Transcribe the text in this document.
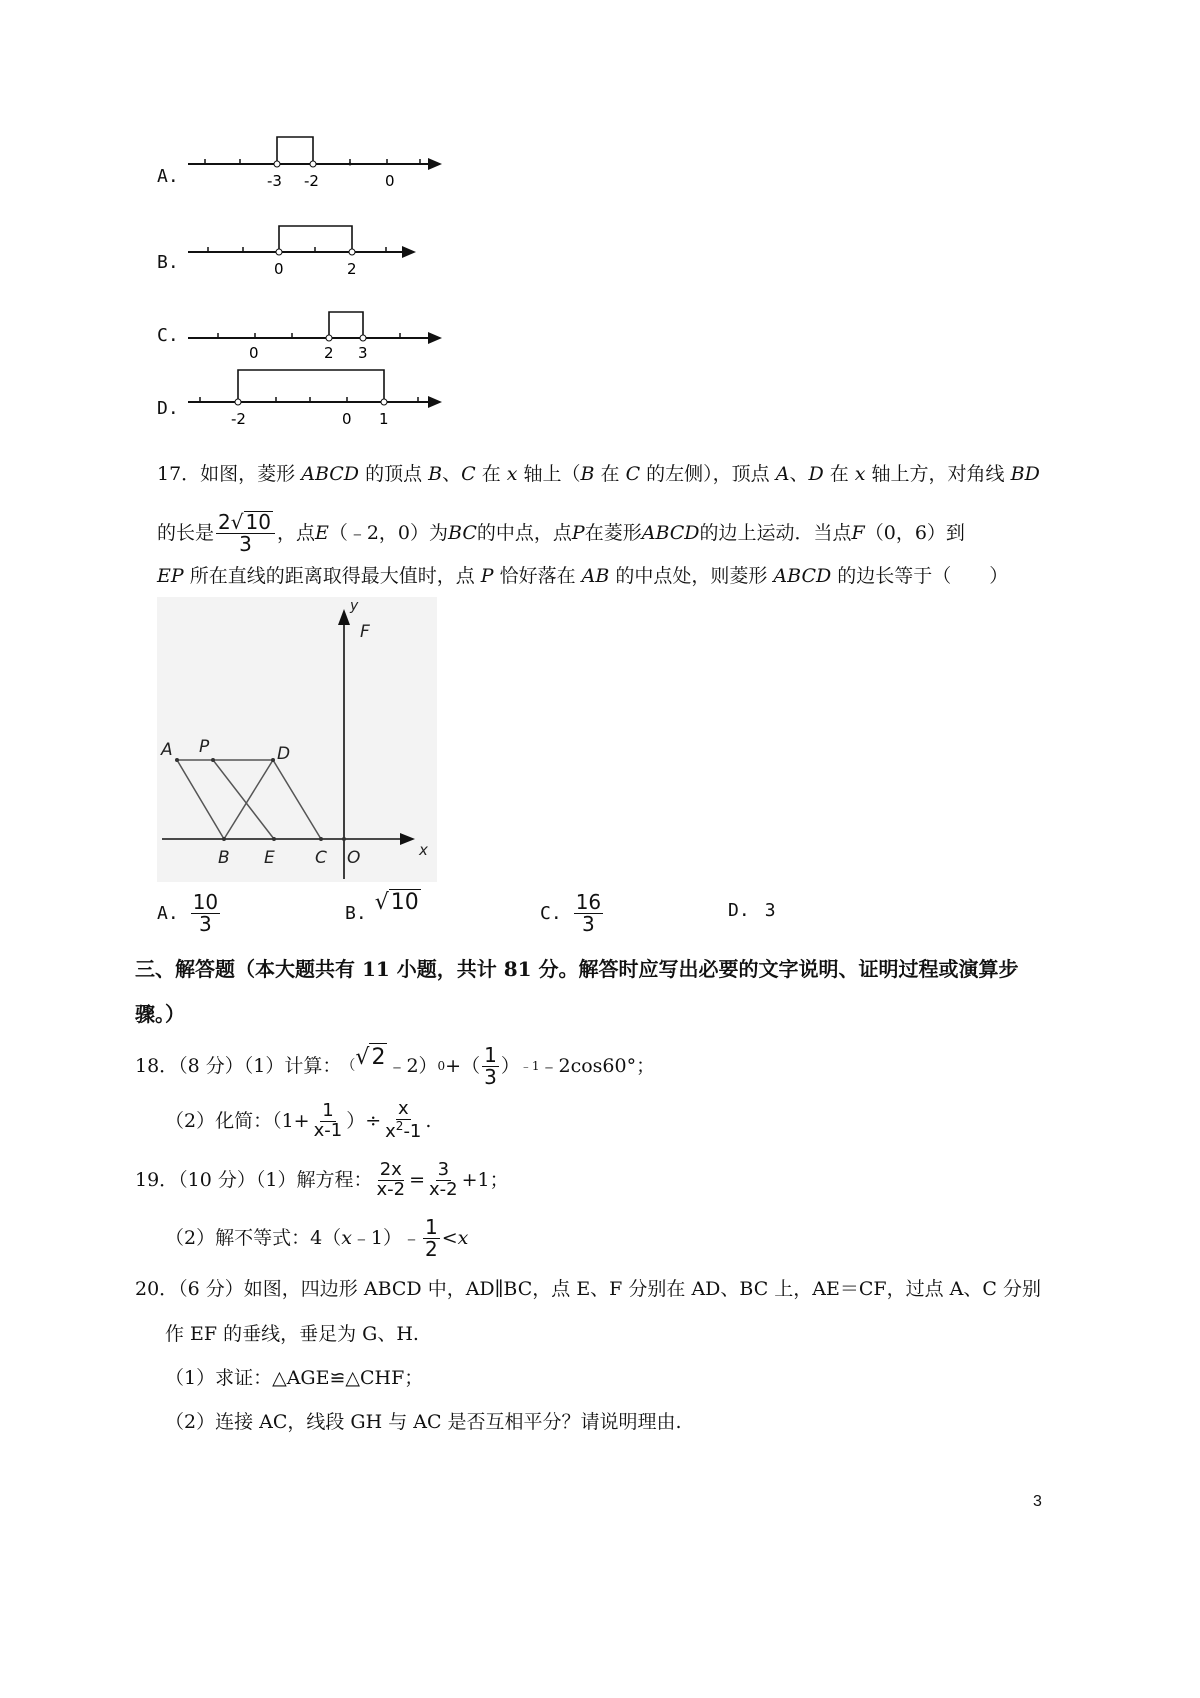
A.	-3 -2	0
B.	0	2
C.
0	2 3
D.	-2	0 1
17．如图，菱形 ABCD 的顶点 B、C 在 x 轴上（B 在 C 的左侧），顶点 A、D 在 x 轴上方，对角线 BD
的长是 $\frac{2√ 10}{3}$ ，点 E （﹣2，0）为 BC 的中点，点 P 在菱形 ABCD 的边上运动．当点 F （0，6）到
EP 所在直线的距离取得最大值时，点 P 恰好落在 AB 的中点处，则菱形 ABCD 的边长等于（　　）
y
F
A P	D
B E C O	x
A. $\frac{10}{3}$	B. √10	C. $\frac{16}{3}$	D. 3
三、解答题（本大题共有 11 小题，共计 81 分。解答时应写出必要的文字说明、证明过程或演算步
骤。）
18．（8 分）（1）计算： （ √2 ﹣2） 0 +（ $\frac{1}{3}$ ） ﹣1 ﹣2cos60°；
（2）化简：（$1+ \frac{1}{x-1}$ ）÷ $\frac{x}{x^2-1}$ .
19．（10 分）（1）解方程： $\frac{2x}{x-2} = \frac{3}{x-2} +1$；
（2）解不等式：4（ x ﹣1）﹣ $\frac{1}{2} < x$
20．（6 分）如图，四边形 ABCD 中，AD∥BC，点 E、F 分别在 AD、BC 上，AE＝CF，过点 A、C 分别
作 EF 的垂线，垂足为 G、H.
（1）求证：△AGE≌△CHF；
（2）连接 AC，线段 GH 与 AC 是否互相平分？请说明理由.
3
